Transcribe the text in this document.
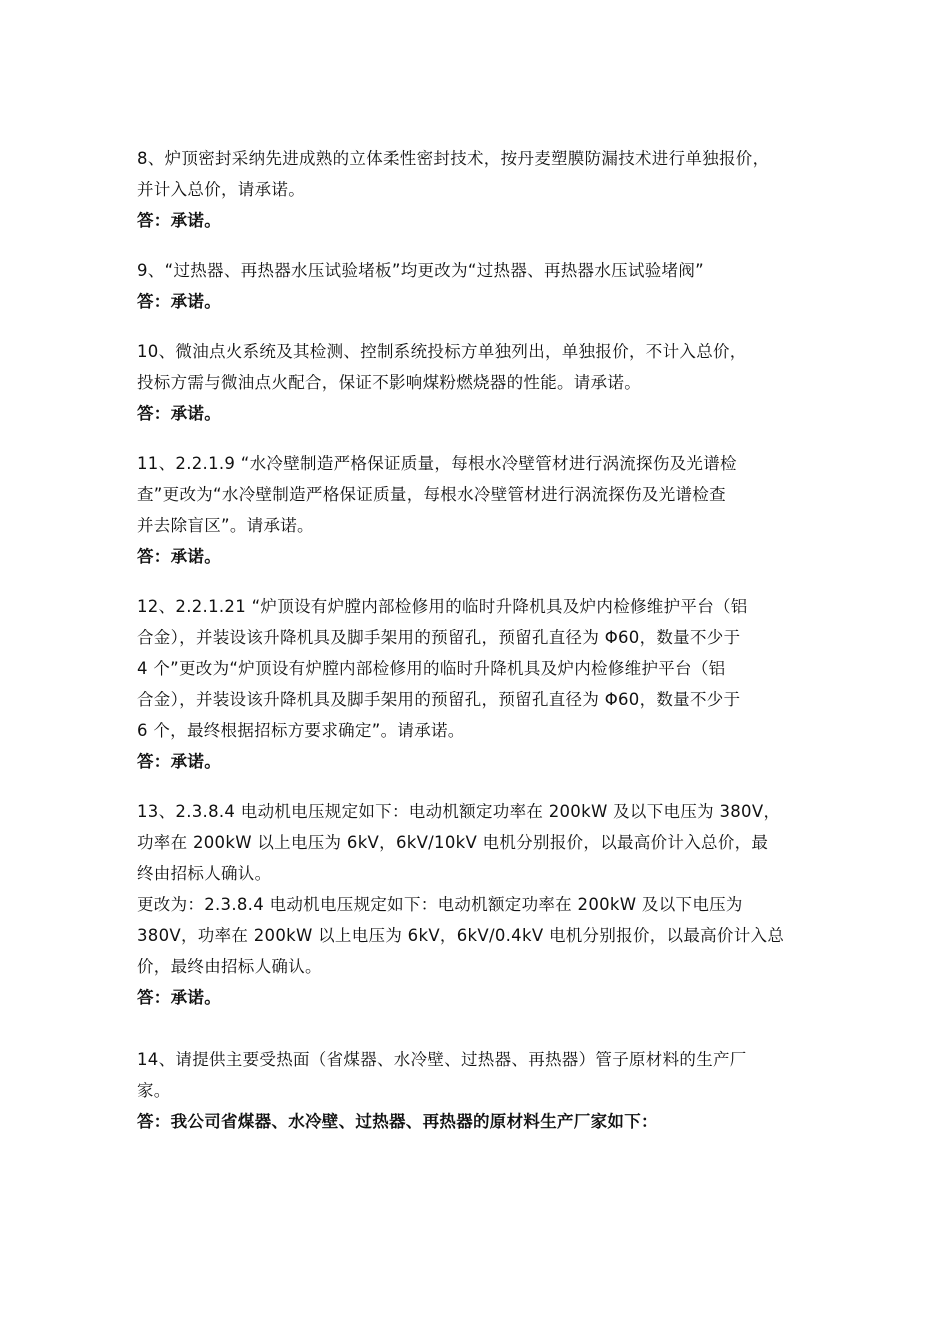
8、炉顶密封采纳先进成熟的立体柔性密封技术，按丹麦塑膜防漏技术进行单独报价，

并计入总价，请承诺。

答：承诺。

9、“过热器、再热器水压试验堵板”均更改为“过热器、再热器水压试验堵阀”

答：承诺。

10、微油点火系统及其检测、控制系统投标方单独列出，单独报价，不计入总价，

投标方需与微油点火配合，保证不影响煤粉燃烧器的性能。请承诺。

答：承诺。

11、2.2.1.9 “水冷壁制造严格保证质量，每根水冷壁管材进行涡流探伤及光谱检

查”更改为“水冷壁制造严格保证质量，每根水冷壁管材进行涡流探伤及光谱检查

并去除盲区”。请承诺。

答：承诺。

12、2.2.1.21 “炉顶设有炉膛内部检修用的临时升降机具及炉内检修维护平台（铝

合金），并装设该升降机具及脚手架用的预留孔，预留孔直径为 Φ60，数量不少于

4 个”更改为“炉顶设有炉膛内部检修用的临时升降机具及炉内检修维护平台（铝

合金），并装设该升降机具及脚手架用的预留孔，预留孔直径为 Φ60，数量不少于

6 个，最终根据招标方要求确定”。请承诺。

答：承诺。

13、2.3.8.4 电动机电压规定如下：电动机额定功率在 200kW 及以下电压为 380V，

功率在 200kW 以上电压为 6kV，6kV/10kV 电机分别报价，以最高价计入总价，最

终由招标人确认。

更改为：2.3.8.4 电动机电压规定如下：电动机额定功率在 200kW 及以下电压为

380V，功率在 200kW 以上电压为 6kV，6kV/0.4kV 电机分别报价，以最高价计入总

价，最终由招标人确认。

答：承诺。

14、请提供主要受热面（省煤器、水冷壁、过热器、再热器）管子原材料的生产厂

家。

答：我公司省煤器、水冷壁、过热器、再热器的原材料生产厂家如下：
